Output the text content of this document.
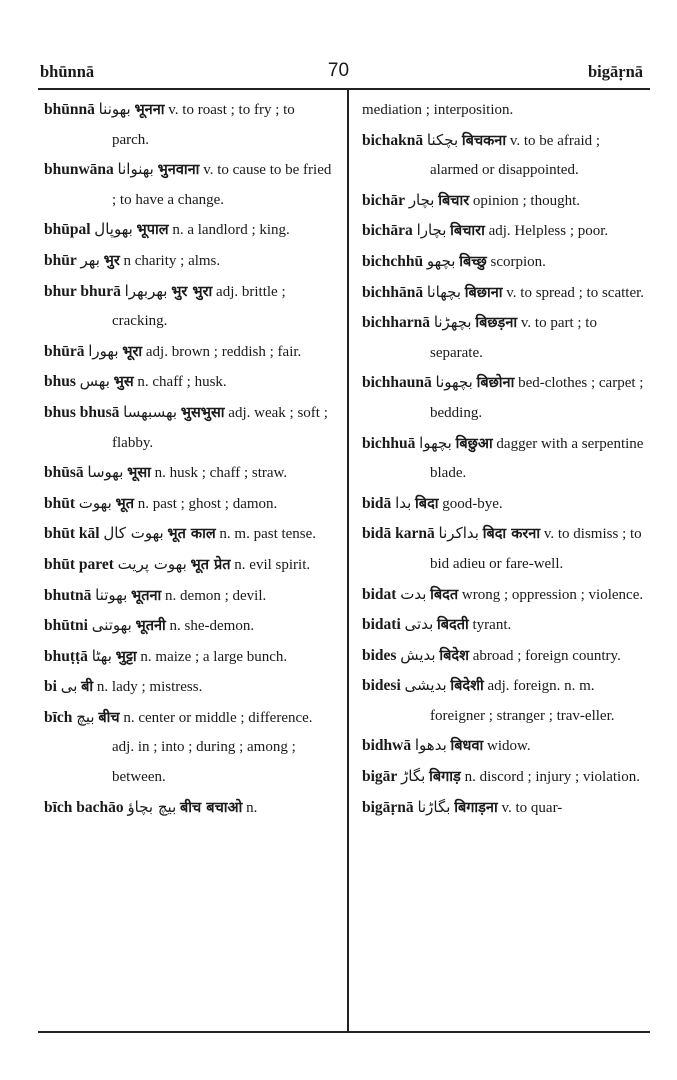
bhūnnā	70	bigāṛnā

bhūnnā بھوننا भूनना v. to roast ; to fry ; to parch.

bhunwāna بھنوانا भुनवाना v. to cause to be fried ; to have a change.

bhūpal بھوپال भूपाल n. a landlord ; king.

bhūr بھر भुर n charity ; alms.

bhur bhurā بھربھرا भुर भुरा adj. brittle ; cracking.

bhūrā بھورا भूरा adj. brown ; reddish ; fair.

bhus بھس भुस n. chaff ; husk.

bhus bhusā بھسبھسا भुसभुसा adj. weak ; soft ; flabby.

bhūsā بھوسا भूसा n. husk ; chaff ; straw.

bhūt بھوت भूत n. past ; ghost ; damon.

bhūt kāl بھوت کال भूत काल n. m. past tense.

bhūt paret بھوت پریت भूत प्रेत n. evil spirit.

bhutnā بھوتنا भूतना n. demon ; devil.

bhūtni بھوتنی भूतनी n. she-demon.

bhuṭṭā بھٹا भुट्टा n. maize ; a large bunch.

bi بی बी n. lady ; mistress.

bīch بیچ बीच n. center or middle ; difference. adj. in ; into ; during ; among ; between.

bīch bachāo بیچ بچاؤ बीच बचाओ n.

mediation ; interposition.

bichaknā بچکنا बिचकना v. to be afraid ; alarmed or disappointed.

bichār بچار बिचार opinion ; thought.

bichāra بچارا बिचारा adj. Helpless ; poor.

bichchhū بچھو बिच्छु scorpion.

bichhānā بچھانا बिछाना v. to spread ; to scatter.

bichharnā بچھڑنا बिछड़ना v. to part ; to separate.

bichhaunā بچھونا बिछोना bed-clothes ; carpet ; bedding.

bichhuā بچھوا बिछुआ dagger with a serpentine blade.

bidā بدا बिदा good-bye.

bidā karnā بداکرنا बिदा करना v. to dismiss ; to bid adieu or fare-well.

bidat بدت बिदत wrong ; oppression ; violence.

bidati بدتی बिदती tyrant.

bides بدیش बिदेश abroad ; foreign country.

bidesi بدیشی बिदेशी adj. foreign. n. m. foreigner ; stranger ; trav-eller.

bidhwā بدھوا बिधवा widow.

bigār بگاڑ बिगाड़ n. discord ; injury ; violation.

bigāṛnā بگاڑنا बिगाड़ना v. to quar-
